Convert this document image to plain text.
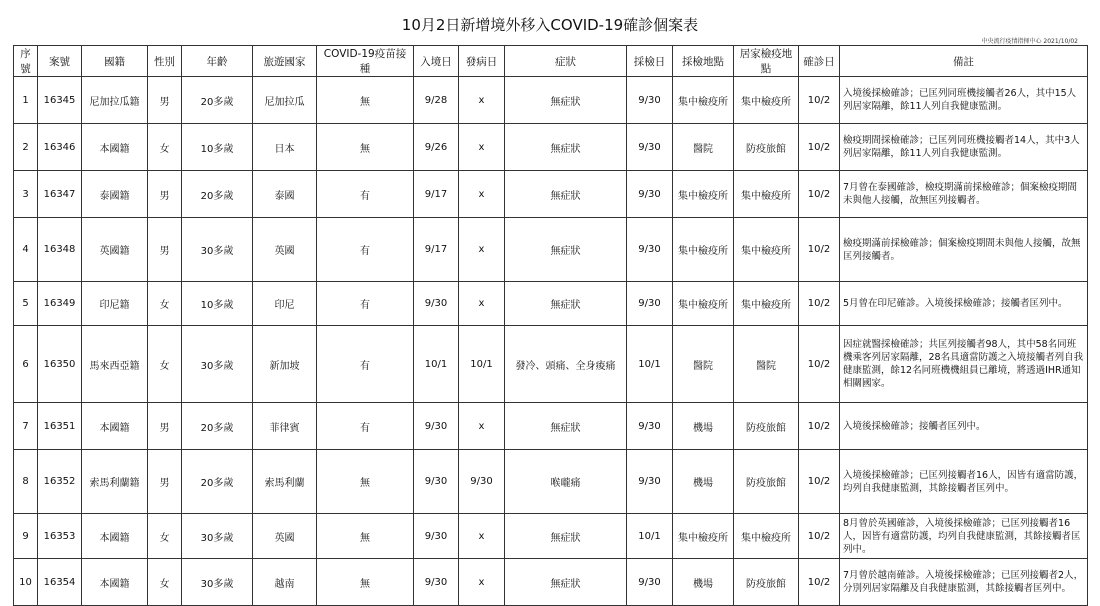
10月2日新增境外移入COVID-19確診個案表
中央流行疫情指揮中心 2021/10/02
序號	案號	國籍	性別	年齡	旅遊國家	COVID-19疫苗接種	入境日	發病日	症狀	採檢日	採檢地點	居家檢疫地點	確診日	備註
1	16345	尼加拉瓜籍	男	20多歲	尼加拉瓜	無	9/28	x	無症狀	9/30	集中檢疫所	集中檢疫所	10/2	入境後採檢確診；已匡列同班機接觸者26人，其中15人列居家隔離，餘11人列自我健康監測。
2	16346	本國籍	女	10多歲	日本	無	9/26	x	無症狀	9/30	醫院	防疫旅館	10/2	檢疫期間採檢確診；已匡列同班機接觸者14人，其中3人列居家隔離，餘11人列自我健康監測。
3	16347	泰國籍	男	20多歲	泰國	有	9/17	x	無症狀	9/30	集中檢疫所	集中檢疫所	10/2	7月曾在泰國確診，檢疫期滿前採檢確診；個案檢疫期間未與他人接觸，故無匡列接觸者。
4	16348	英國籍	男	30多歲	英國	有	9/17	x	無症狀	9/30	集中檢疫所	集中檢疫所	10/2	檢疫期滿前採檢確診；個案檢疫期間未與他人接觸，故無匡列接觸者。
5	16349	印尼籍	女	10多歲	印尼	有	9/30	x	無症狀	9/30	集中檢疫所	集中檢疫所	10/2	5月曾在印尼確診。入境後採檢確診；接觸者匡列中。
6	16350	馬來西亞籍	女	30多歲	新加坡	有	10/1	10/1	發冷、頭痛、全身痠痛	10/1	醫院	醫院	10/2	因症就醫採檢確診；共匡列接觸者98人，其中58名同班機乘客列居家隔離，28名具適當防護之入境接觸者列自我健康監測，餘12名同班機機組員已離境，將透過IHR通知相關國家。
7	16351	本國籍	男	20多歲	菲律賓	有	9/30	x	無症狀	9/30	機場	防疫旅館	10/2	入境後採檢確診；接觸者匡列中。
8	16352	索馬利蘭籍	男	20多歲	索馬利蘭	無	9/30	9/30	喉嚨痛	9/30	機場	防疫旅館	10/2	入境後採檢確診；已匡列接觸者16人，因皆有適當防護，均列自我健康監測，其餘接觸者匡列中。
9	16353	本國籍	女	30多歲	英國	無	9/30	x	無症狀	10/1	集中檢疫所	集中檢疫所	10/2	8月曾於英國確診，入境後採檢確診；已匡列接觸者16人，因皆有適當防護，均列自我健康監測，其餘接觸者匡列中。
10	16354	本國籍	女	30多歲	越南	無	9/30	x	無症狀	9/30	機場	防疫旅館	10/2	7月曾於越南確診。入境後採檢確診；已匡列接觸者2人，分別列居家隔離及自我健康監測，其餘接觸者匡列中。
